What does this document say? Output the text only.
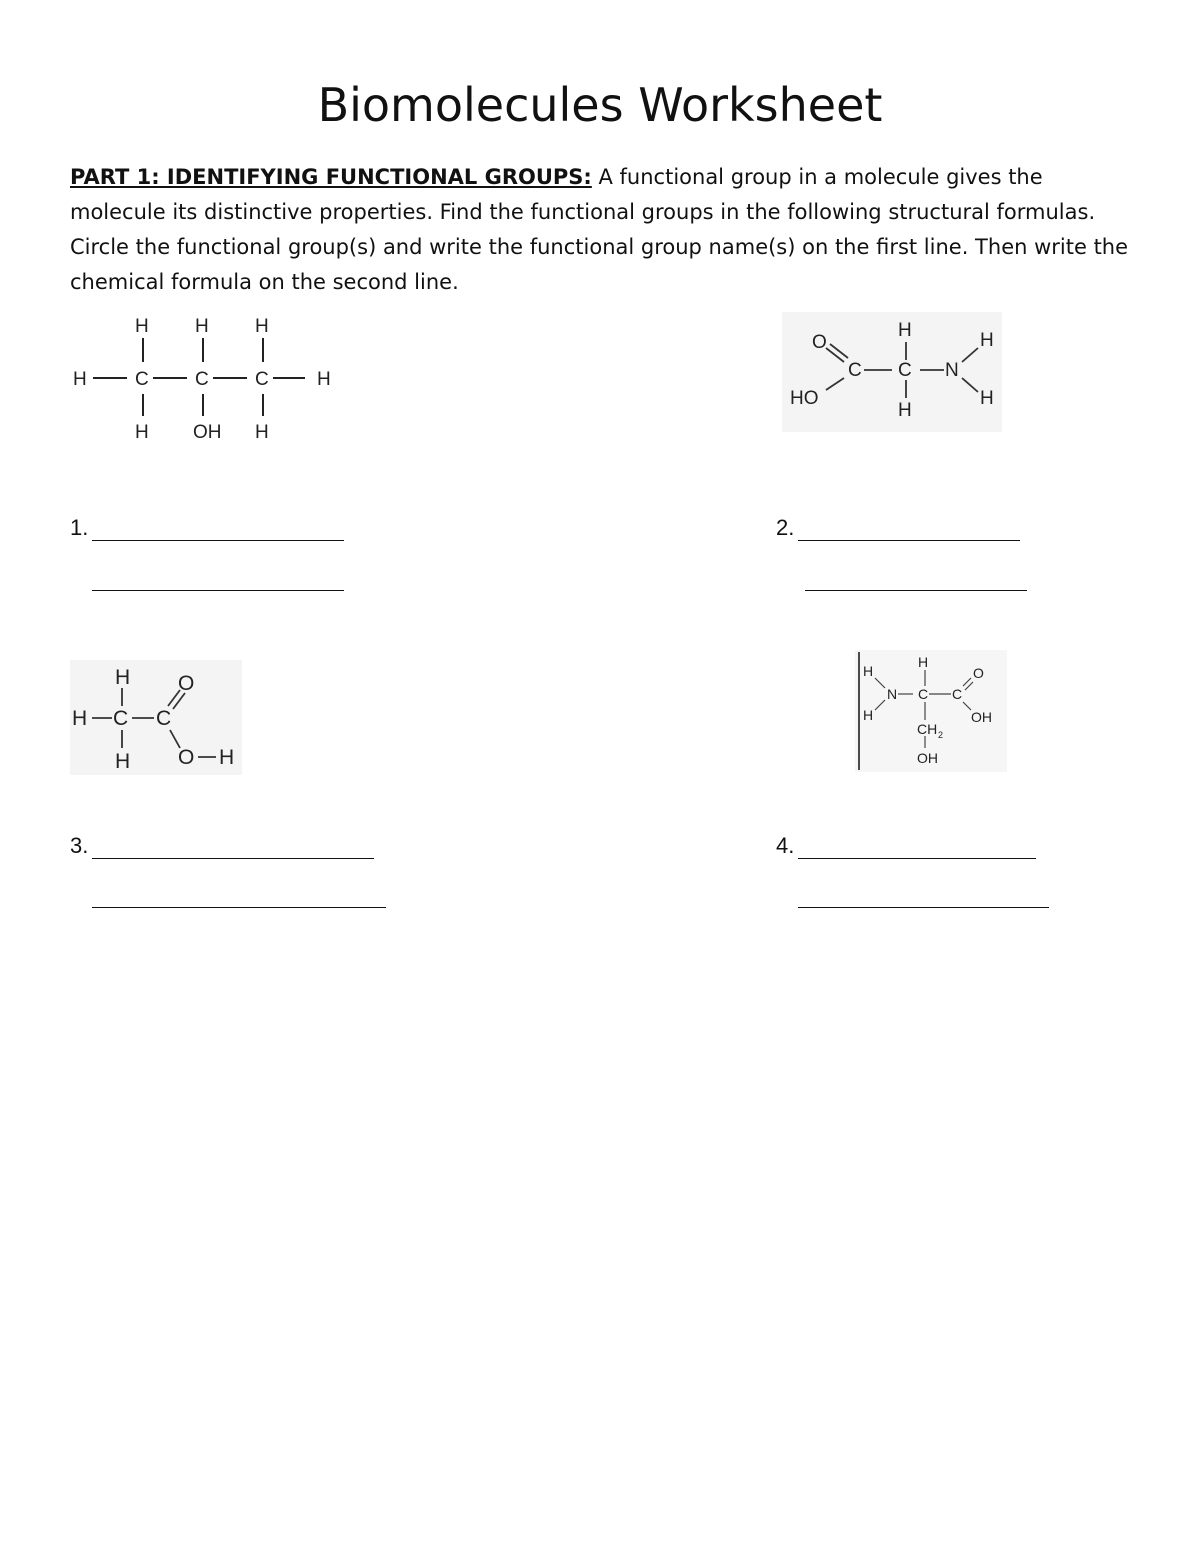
Biomolecules Worksheet
PART 1: IDENTIFYING FUNCTIONAL GROUPS: A functional group in a molecule gives the molecule its distinctive properties. Find the functional groups in the following structural formulas. Circle the functional group(s) and write the functional group name(s) on the first line. Then write the chemical formula on the second line.
H	C C C	H
H H H
H OH H
O
C C N
H
H
H
H
HO
1.	2.
H C C
H
H
O
O H
H
H
N
H
C C
O
OH
CH 2
OH
3.	4.
